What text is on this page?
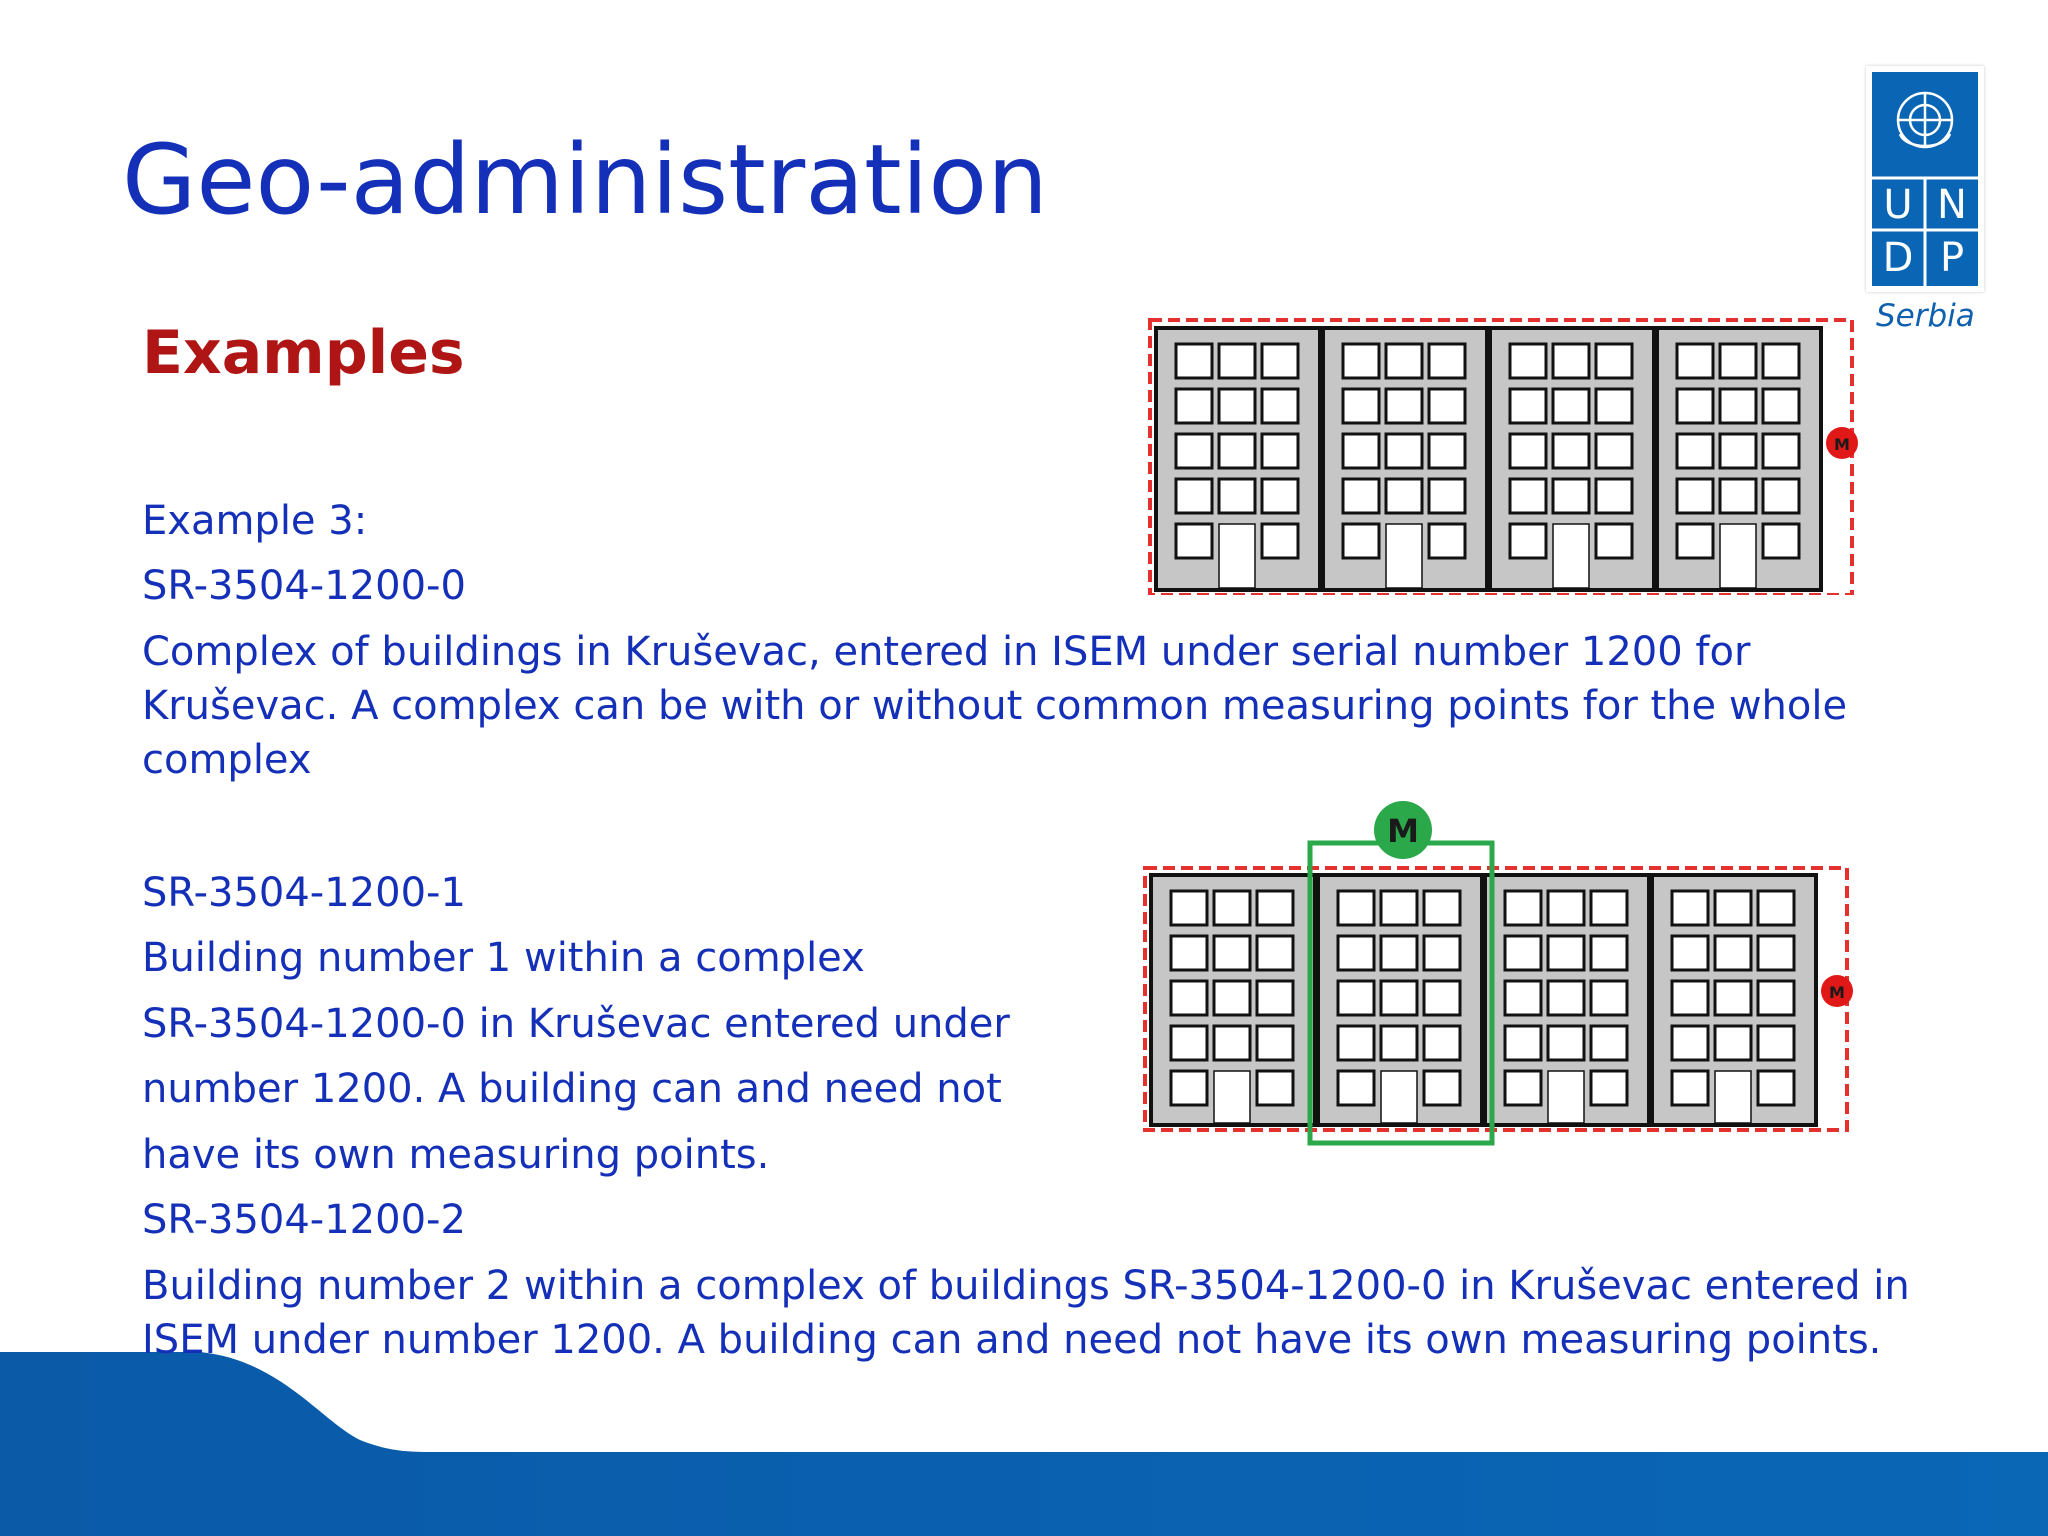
Geo-administration
Examples
U N
D P
Serbia

Example 3:

SR-3504-1200-0

Complex of buildings in Kruševac, entered in ISEM under serial number 1200 for

Kruševac. A complex can be with or without common measuring points for the whole

complex

SR-3504-1200-1

Building number 1 within a complex

SR-3504-1200-0 in Kruševac entered under

number 1200. A building can and need not

have its own measuring points.

SR-3504-1200-2

Building number 2 within a complex of buildings SR-3504-1200-0 in Kruševac entered in

ISEM under number 1200. A building can and need not have its own measuring points.

M
M
M
